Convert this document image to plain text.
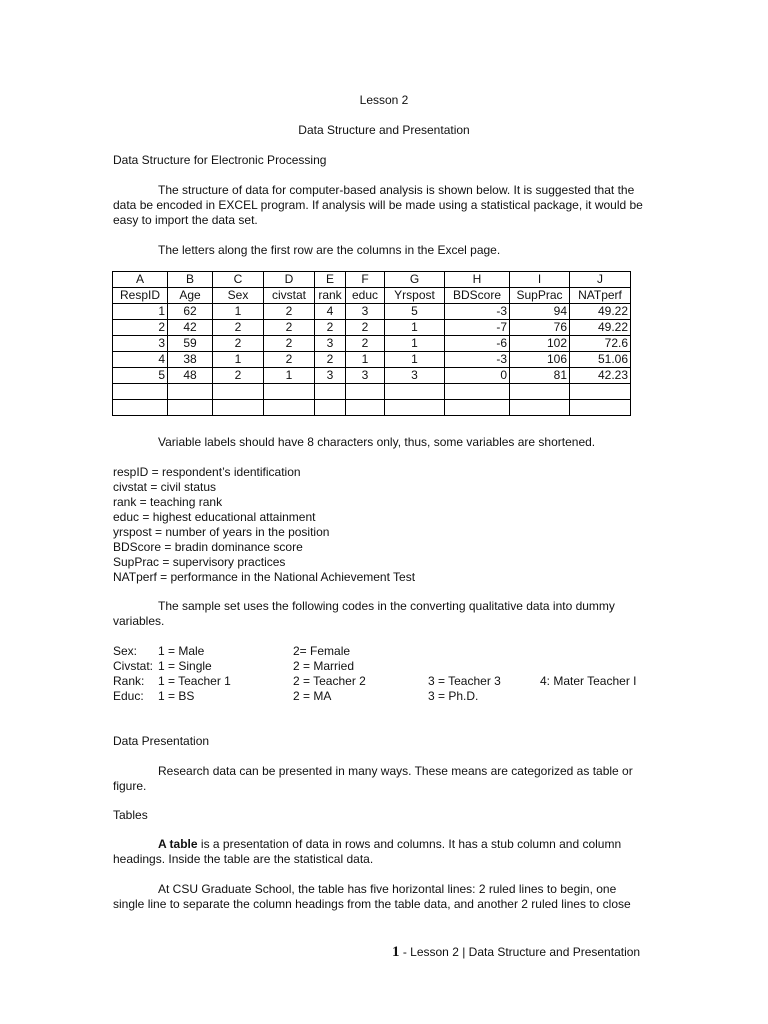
Lesson 2
Data Structure and Presentation
Data Structure for Electronic Processing
The structure of data for computer-based analysis is shown below. It is suggested that the data be encoded in EXCEL program. If analysis will be made using a statistical package, it would be easy to import the data set.
The letters along the first row are the columns in the Excel page.
A	B	C	D	E	F	G	H	I	J
RespID	Age	Sex	civstat	rank	educ	Yrspost	BDScore	SupPrac	NATperf
1	62	1	2	4	3	5	-3	94	49.22
2	42	2	2	2	2	1	-7	76	49.22
3	59	2	2	3	2	1	-6	102	72.6
4	38	1	2	2	1	1	-3	106	51.06
5	48	2	1	3	3	3	0	81	42.23

Variable labels should have 8 characters only, thus, some variables are shortened.
respID = respondent’s identification
civstat = civil status
rank = teaching rank
educ = highest educational attainment
yrspost = number of years in the position
BDScore = bradin dominance score
SupPrac = supervisory practices
NATperf = performance in the National Achievement Test
The sample set uses the following codes in the converting qualitative data into dummy variables.
Sex: 1 = Male	2= Female
Civstat: 1 = Single	2 = Married
Rank: 1 = Teacher 1	2 = Teacher 2	3 = Teacher 3	4: Mater Teacher I
Educ: 1 = BS	2 = MA	3 = Ph.D.
Data Presentation
Research data can be presented in many ways. These means are categorized as table or figure.
Tables
A table is a presentation of data in rows and columns. It has a stub column and column headings. Inside the table are the statistical data.
At CSU Graduate School, the table has five horizontal lines: 2 ruled lines to begin, one single line to separate the column headings from the table data, and another 2 ruled lines to close
1 - Lesson 2 | Data Structure and Presentation
